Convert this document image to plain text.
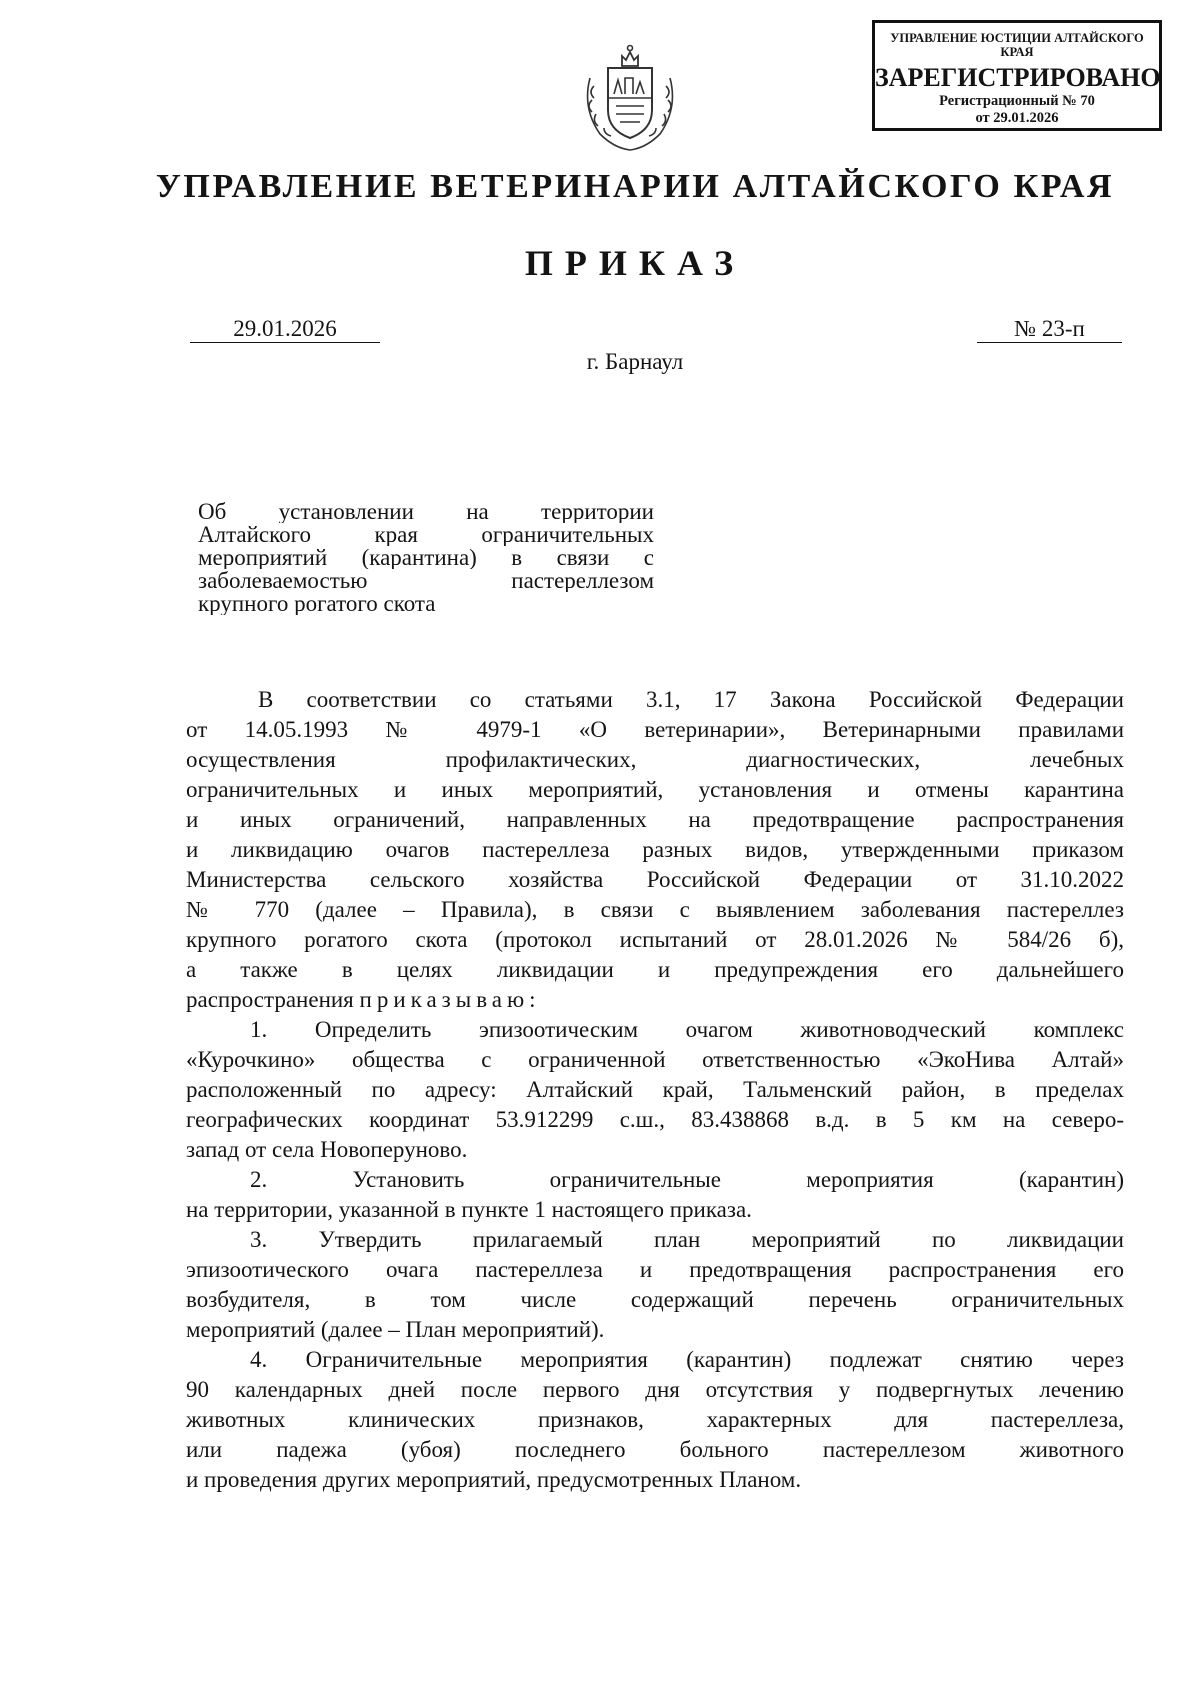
УПРАВЛЕНИЕ ЮСТИЦИИ АЛТАЙСКОГО КРАЯ
ЗАРЕГИСТРИРОВАНО
Регистрационный № 70
от 29.01.2026
УПРАВЛЕНИЕ ВЕТЕРИНАРИИ АЛТАЙСКОГО КРАЯ
ПРИКАЗ
29.01.2026	№ 23-п
г. Барнаул
Об установлении на территории
Алтайского края ограничительных
мероприятий (карантина) в связи с
заболеваемостью пастереллезом
крупного рогатого скота
В соответствии со статьями 3.1, 17 Закона Российской Федерации
от 14.05.1993 № 4979-1 «О ветеринарии», Ветеринарными правилами
осуществления профилактических, диагностических, лечебных
ограничительных и иных мероприятий, установления и отмены карантина
и иных ограничений, направленных на предотвращение распространения
и ликвидацию очагов пастереллеза разных видов, утвержденными приказом
Министерства сельского хозяйства Российской Федерации от 31.10.2022
№ 770 (далее – Правила), в связи с выявлением заболевания пастереллез
крупного рогатого скота (протокол испытаний от 28.01.2026 № 584/26 б),
а также в целях ликвидации и предупреждения его дальнейшего
распространения приказываю:
1. Определить эпизоотическим очагом животноводческий комплекс
«Курочкино» общества с ограниченной ответственностью «ЭкоНива Алтай»
расположенный по адресу: Алтайский край, Тальменский район, в пределах
географических координат 53.912299 с.ш., 83.438868 в.д. в 5 км на северо-
запад от села Новоперуново.
2. Установить ограничительные мероприятия (карантин)
на территории, указанной в пункте 1 настоящего приказа.
3. Утвердить прилагаемый план мероприятий по ликвидации
эпизоотического очага пастереллеза и предотвращения распространения его
возбудителя, в том числе содержащий перечень ограничительных
мероприятий (далее – План мероприятий).
4. Ограничительные мероприятия (карантин) подлежат снятию через
90 календарных дней после первого дня отсутствия у подвергнутых лечению
животных клинических признаков, характерных для пастереллеза,
или падежа (убоя) последнего больного пастереллезом животного
и проведения других мероприятий, предусмотренных Планом.
